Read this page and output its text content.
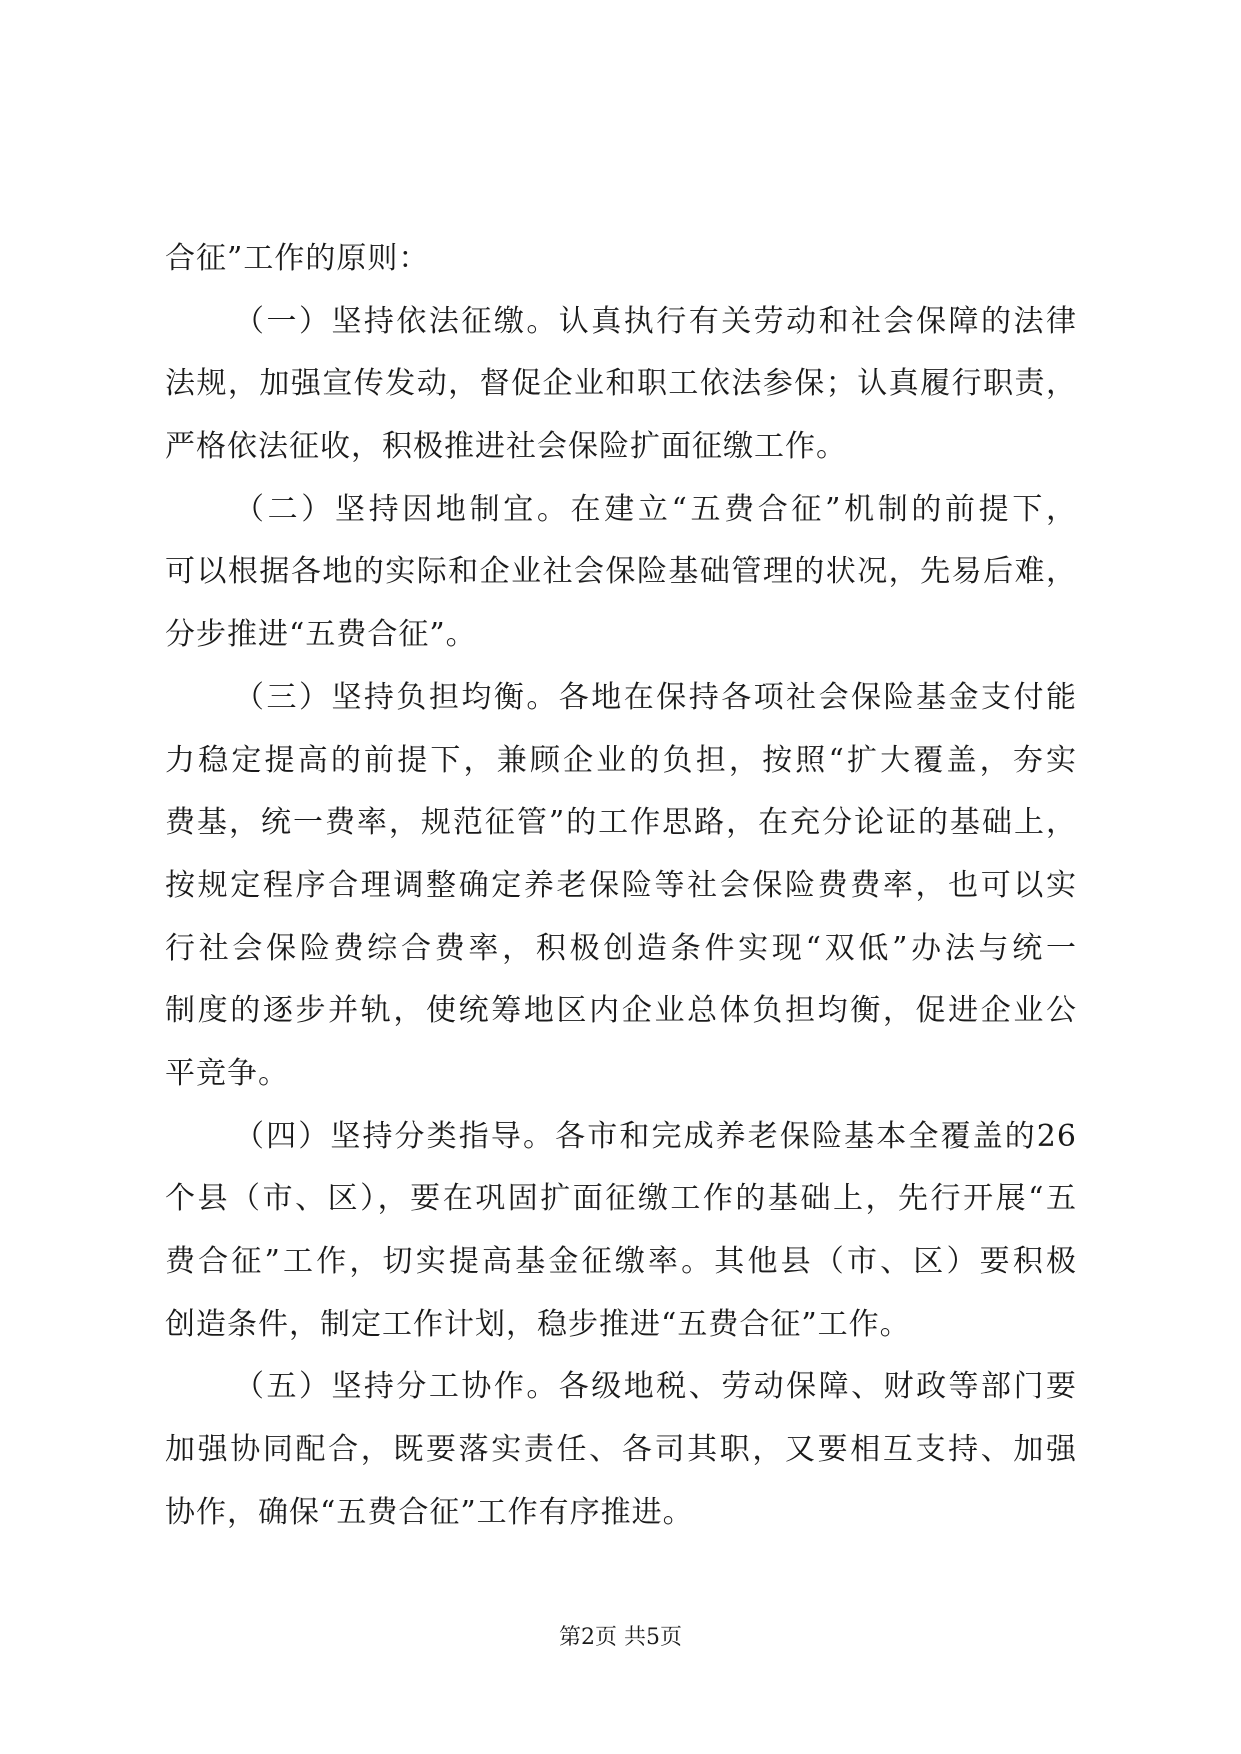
合征”工作的原则：
（一）坚持依法征缴。认真执行有关劳动和社会保障的法律
法规，加强宣传发动，督促企业和职工依法参保；认真履行职责，
严格依法征收，积极推进社会保险扩面征缴工作。
（二）坚持因地制宜。在建立“五费合征”机制的前提下，
可以根据各地的实际和企业社会保险基础管理的状况，先易后难，
分步推进“五费合征”。
（三）坚持负担均衡。各地在保持各项社会保险基金支付能
力稳定提高的前提下，兼顾企业的负担，按照“扩大覆盖，夯实
费基，统一费率，规范征管”的工作思路，在充分论证的基础上，
按规定程序合理调整确定养老保险等社会保险费费率，也可以实
行社会保险费综合费率，积极创造条件实现“双低”办法与统一
制度的逐步并轨，使统筹地区内企业总体负担均衡，促进企业公
平竞争。
（四）坚持分类指导。各市和完成养老保险基本全覆盖的26
个县（市、区），要在巩固扩面征缴工作的基础上，先行开展“五
费合征”工作，切实提高基金征缴率。其他县（市、区）要积极
创造条件，制定工作计划，稳步推进“五费合征”工作。
（五）坚持分工协作。各级地税、劳动保障、财政等部门要
加强协同配合，既要落实责任、各司其职，又要相互支持、加强
协作，确保“五费合征”工作有序推进。
第2页 共5页
